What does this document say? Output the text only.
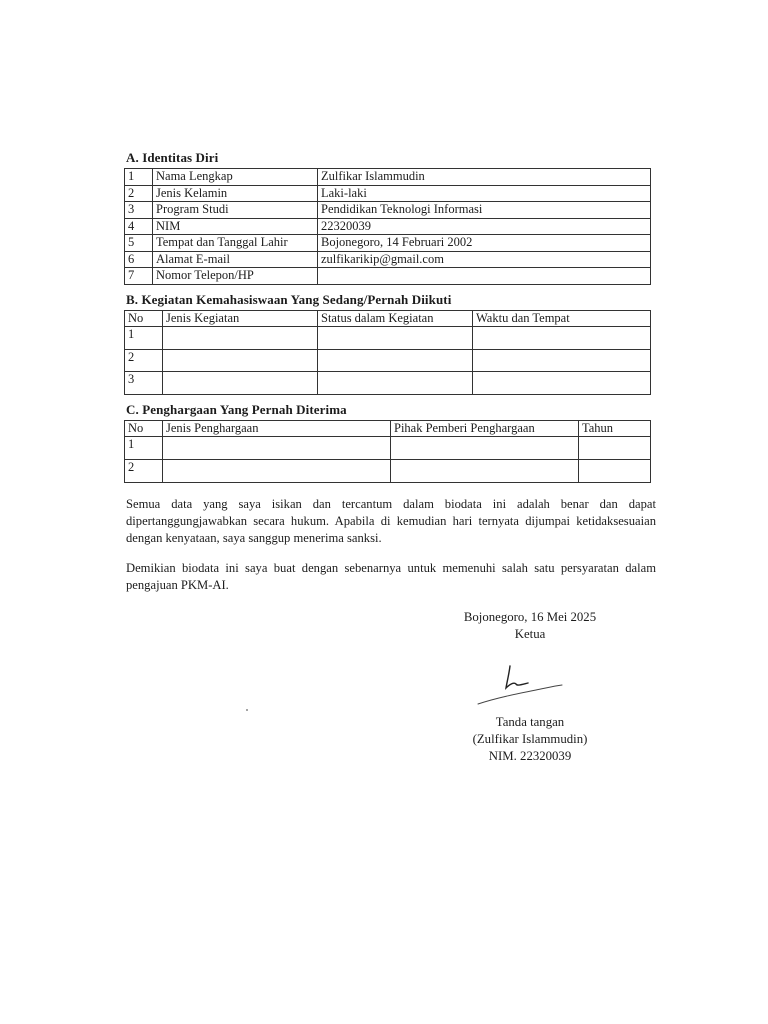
A. Identitas Diri
1	Nama Lengkap	Zulfikar Islammudin
2	Jenis Kelamin	Laki-laki
3	Program Studi	Pendidikan Teknologi Informasi
4	NIM	22320039
5	Tempat dan Tanggal Lahir	Bojonegoro, 14 Februari 2002
6	Alamat E-mail	zulfikarikip@gmail.com
7	Nomor Telepon/HP	
B. Kegiatan Kemahasiswaan Yang Sedang/Pernah Diikuti
No	Jenis Kegiatan	Status dalam Kegiatan	Waktu dan Tempat
1			
2			
3			
C. Penghargaan Yang Pernah Diterima
No	Jenis Penghargaan	Pihak Pemberi Penghargaan	Tahun
1			
2			
Semua data yang saya isikan dan tercantum dalam biodata ini adalah benar dan dapat dipertanggungjawabkan secara hukum. Apabila di kemudian hari ternyata dijumpai ketidaksesuaian dengan kenyataan, saya sanggup menerima sanksi.
Demikian biodata ini saya buat dengan sebenarnya untuk memenuhi salah satu persyaratan dalam pengajuan PKM-AI.
Bojonegoro, 16 Mei 2025
Ketua
Tanda tangan
(Zulfikar Islammudin)
NIM. 22320039
